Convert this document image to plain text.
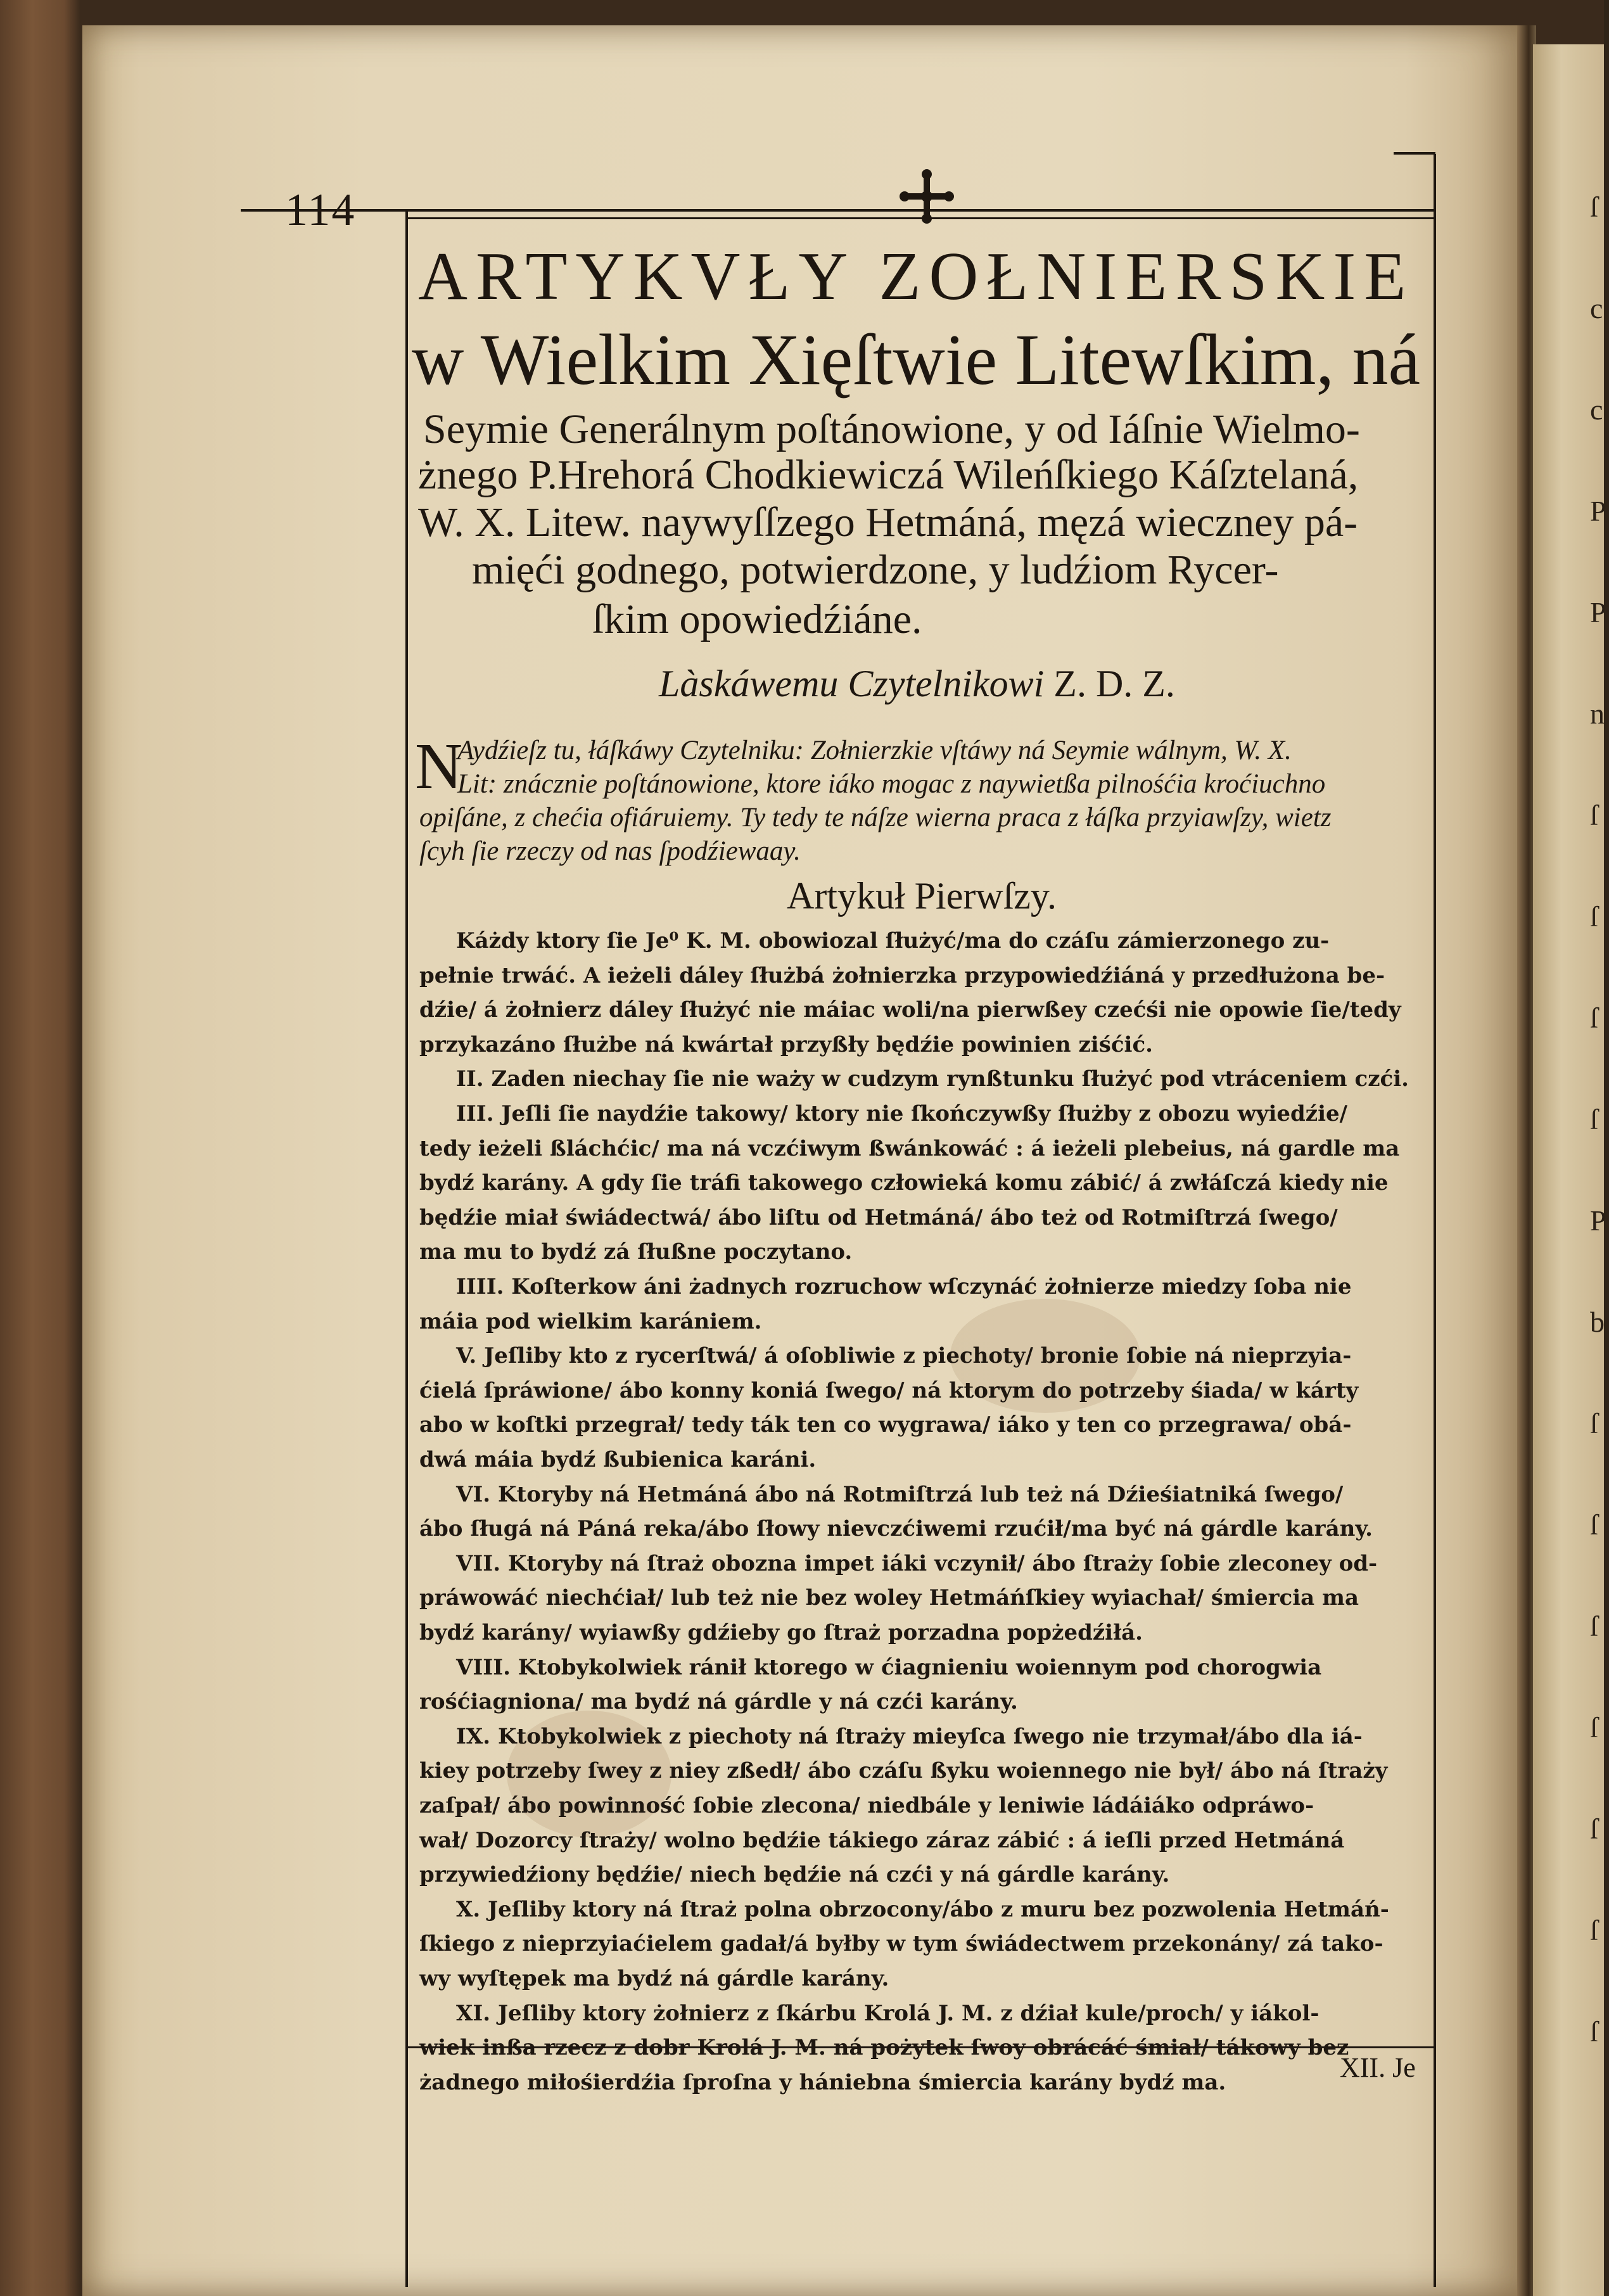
114
ARTYKVŁY ZOŁNIERSKIE
w Wielkim Xięſtwie Litewſkim, ná
Seymie Generálnym poſtánowione, y od Iáſnie Wielmo-
żnego P.Hrehorá Chodkiewiczá Wileńſkiego Káſztelaná,
W. X. Litew. naywyſſzego Hetmáná, męzá wieczney pá-
mięći godnego, potwierdzone, y ludźiom Rycer-
ſkim opowiedźiáne.
Làskáwemu Czytelnikowi Z. D. Z.
N
Aydźieſz tu, łáſkáwy Czytelniku: Zołnierzkie vſtáwy ná Seymie wálnym, W. X.
Lit: znácznie poſtánowione, ktore iáko mogac z naywietßa pilnośćia kroćiuchno
opiſáne, z chećia ofiáruiemy. Ty tedy te náſze wierna praca z łáſka przyiawſzy, wietz
ſcyh ſie rzeczy od nas ſpodźiewaay.
Artykuł Pierwſzy.
Káżdy ktory ſie Je⁰ K. M. obowiozal ſłużyć/ma do czáſu zámierzonego zu-
pełnie trwáć. A ieżeli dáley ſłużbá żołnierzka przypowiedźiáná y przedłużona be-
dźie/ á żołnierz dáley ſłużyć nie máiac woli/na pierwßey czećśi nie opowie ſie/tedy
przykazáno ſłużbe ná kwártał przyßły będźie powinien ziśćić.
II. Zaden niechay ſie nie waży w cudzym rynßtunku ſłużyć pod vtráceniem czći.
III. Jeſli ſie naydźie takowy/ ktory nie ſkończywßy ſłużby z obozu wyiedźie/
tedy ieżeli ßláchćic/ ma ná vczćiwym ßwánkowáć : á ieżeli plebeius, ná gardle ma
bydź karány. A gdy ſie tráfi takowego człowieká komu zábić/ á zwłáſczá kiedy nie
będźie miał świádectwá/ ábo liſtu od Hetmáná/ ábo też od Rotmiſtrzá ſwego/
ma mu to bydź zá ſłußne poczytano.
IIII. Koſterkow áni żadnych rozruchow wſczynáć żołnierze miedzy ſoba nie
máia pod wielkim karániem.
V. Jeſliby kto z rycerſtwá/ á oſobliwie z piechoty/ bronie ſobie ná nieprzyia-
ćielá ſpráwione/ ábo konny koniá ſwego/ ná ktorym do potrzeby śiada/ w kárty
abo w koſtki przegrał/ tedy ták ten co wygrawa/ iáko y ten co przegrawa/ obá-
dwá máia bydź ßubienica karáni.
VI. Ktoryby ná Hetmáná ábo ná Rotmiſtrzá lub też ná Dźieśiatniká ſwego/
ábo ſługá ná Páná reka/ábo ſłowy nievczćiwemi rzućił/ma być ná gárdle karány.
VII. Ktoryby ná ſtraż obozna impet iáki vczynił/ ábo ſtraży ſobie zleconey od-
práwowáć niechćiał/ lub też nie bez woley Hetmáńſkiey wyiachał/ śmiercia ma
bydź karány/ wyiawßy gdźieby go ſtraż porzadna popżedźiłá.
VIII. Ktobykolwiek ránił ktorego w ćiagnieniu woiennym pod chorogwia
rośćiagniona/ ma bydź ná gárdle y ná czći karány.
IX. Ktobykolwiek z piechoty ná ſtraży mieyſca ſwego nie trzymał/ábo dla iá-
kiey potrzeby ſwey z niey zßedł/ ábo czáſu ßyku woiennego nie był/ ábo ná ſtraży
zaſpał/ ábo powinność ſobie zlecona/ niedbále y leniwie ládáiáko odpráwo-
wał/ Dozorcy ſtraży/ wolno będźie tákiego záraz zábić : á ieſli przed Hetmáná
przywiedźiony będźie/ niech będźie ná czći y ná gárdle karány.
X. Jeſliby ktory ná ſtraż polna obrzocony/ábo z muru bez pozwolenia Hetmáń-
ſkiego z nieprzyiaćielem gadał/á byłby w tym świádectwem przekonány/ zá tako-
wy wyſtępek ma bydź ná gárdle karány.
XI. Jeſliby ktory żołnierz z ſkárbu Krolá J. M. z dźiał kule/proch/ y iákol-
wiek inßa rzecz z dobr Krolá J. M. ná pożytek ſwoy obrácáć śmiał/ tákowy bez
żadnego miłośierdźia ſproſna y hániebna śmiercia karány bydź ma.	XII. Je
ſ
c
c
P
P
n
ſ
ſ
ſ
ſ
P
b
ſ
ſ
ſ
ſ
ſ
ſ
ſ
